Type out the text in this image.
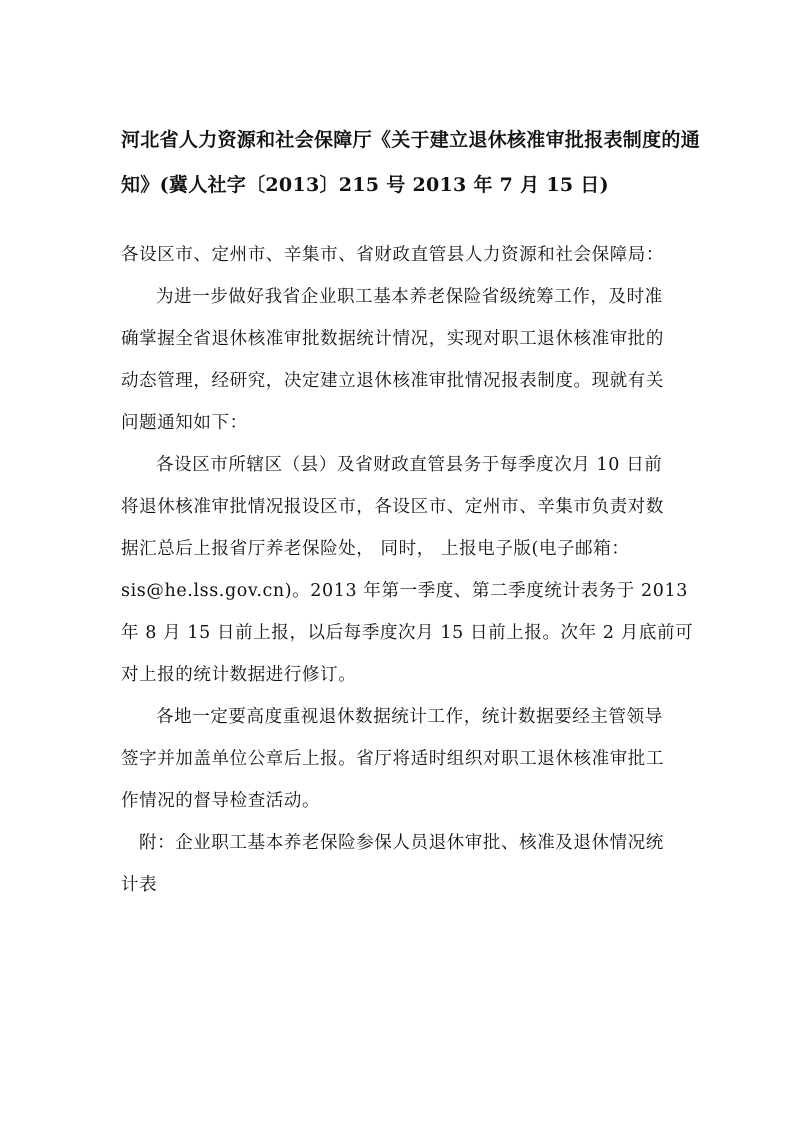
河北省人力资源和社会保障厅《关于建立退休核准审批报表制度的通
知》(冀人社字〔2013〕215 号 2013 年 7 月 15 日)
各设区市、定州市、辛集市、省财政直管县人力资源和社会保障局：
为进一步做好我省企业职工基本养老保险省级统筹工作，及时准
确掌握全省退休核准审批数据统计情况，实现对职工退休核准审批的
动态管理，经研究，决定建立退休核准审批情况报表制度。现就有关
问题通知如下：
各设区市所辖区（县）及省财政直管县务于每季度次月 10 日前
将退休核准审批情况报设区市，各设区市、定州市、辛集市负责对数
据汇总后上报省厅养老保险处， 同时， 上报电子版(电子邮箱：
sis@he.lss.gov.cn)。2013 年第一季度、第二季度统计表务于 2013
年 8 月 15 日前上报，以后每季度次月 15 日前上报。次年 2 月底前可
对上报的统计数据进行修订。
各地一定要高度重视退休数据统计工作，统计数据要经主管领导
签字并加盖单位公章后上报。省厅将适时组织对职工退休核准审批工
作情况的督导检查活动。
附：企业职工基本养老保险参保人员退休审批、核准及退休情况统
计表
